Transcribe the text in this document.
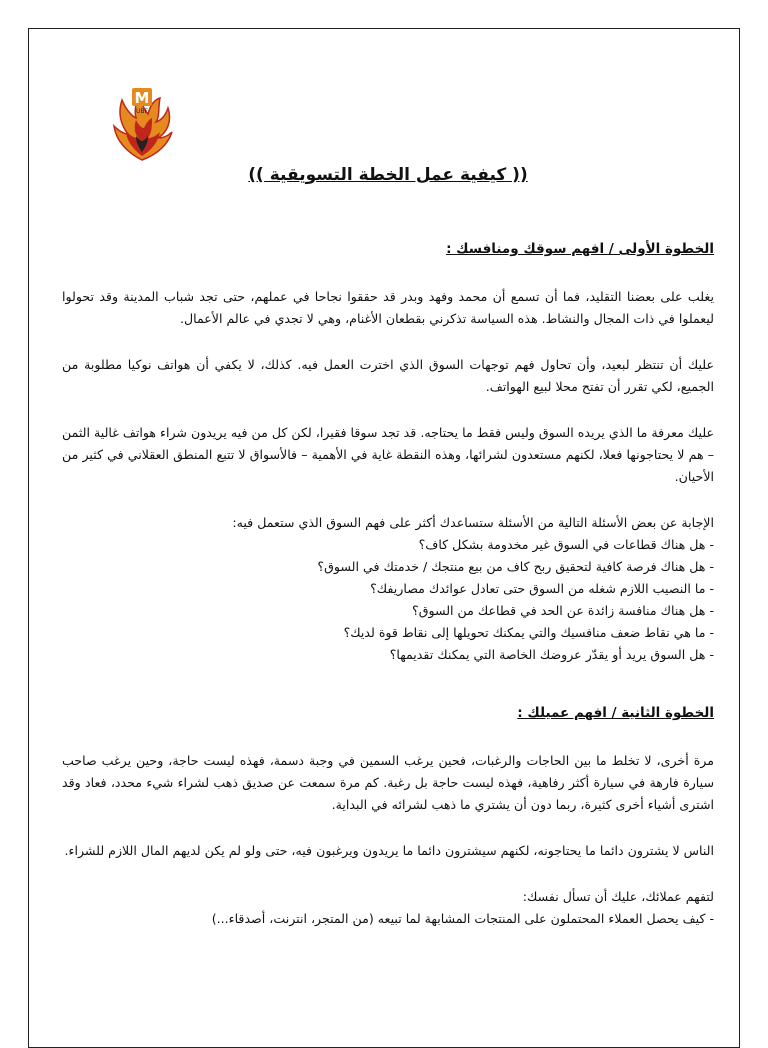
M
UBF
(( كيفية عمل الخطة التسويقية ))
الخطوة الأولى / افهم سوقك ومنافسك :

يغلب على بعضنا التقليد، فما أن تسمع أن محمد وفهد وبدر قد حققوا نجاحا في عملهم، حتى تجد شباب المدينة وقد تحولوا ليعملوا في ذات المجال والنشاط. هذه السياسة تذكرني بقطعان الأغنام، وهي لا تجدي في عالم الأعمال.

عليك أن تنتظر لبعيد، وأن تحاول فهم توجهات السوق الذي اخترت العمل فيه. كذلك، لا يكفي أن هواتف نوكيا مطلوبة من الجميع، لكي تقرر أن تفتح محلا لبيع الهواتف.

عليك معرفة ما الذي يريده السوق وليس فقط ما يحتاجه. قد تجد سوقا فقيرا، لكن كل من فيه يريدون شراء هواتف غالية الثمن – هم لا يحتاجونها فعلا، لكنهم مستعدون لشرائها، وهذه النقطة غاية في الأهمية – فالأسواق لا تتبع المنطق العقلاني في كثير من الأحيان.

الإجابة عن بعض الأسئلة التالية من الأسئلة ستساعدك أكثر على فهم السوق الذي ستعمل فيه:

- هل هناك قطاعات في السوق غير مخدومة بشكل كاف؟
- هل هناك فرصة كافية لتحقيق ربح كاف من بيع منتجك / خدمتك في السوق؟
- ما النصيب اللازم شغله من السوق حتى تعادل عوائدك مصاريفك؟
- هل هناك منافسة زائدة عن الحد في قطاعك من السوق؟
- ما هي نقاط ضعف منافسيك والتي يمكنك تحويلها إلى نقاط قوة لديك؟
- هل السوق يريد أو يقدّر عروضك الخاصة التي يمكنك تقديمها؟
الخطوة الثانية / افهم عميلك :

مرة أخرى، لا تخلط ما بين الحاجات والرغبات، فحين يرغب السمين في وجبة دسمة، فهذه ليست حاجة، وحين يرغب صاحب سيارة فارهة في سيارة أكثر رفاهية، فهذه ليست حاجة بل رغبة. كم مرة سمعت عن صديق ذهب لشراء شيء محدد، فعاد وقد اشترى أشياء أخرى كثيرة، ربما دون أن يشتري ما ذهب لشرائه في البداية.

الناس لا يشترون دائما ما يحتاجونه، لكنهم سيشترون دائما ما يريدون ويرغبون فيه، حتى ولو لم يكن لديهم المال اللازم للشراء.

لتفهم عملائك، عليك أن تسأل نفسك:

- كيف يحصل العملاء المحتملون على المنتجات المشابهة لما تبيعه (من المتجر، انترنت، أصدقاء...)
